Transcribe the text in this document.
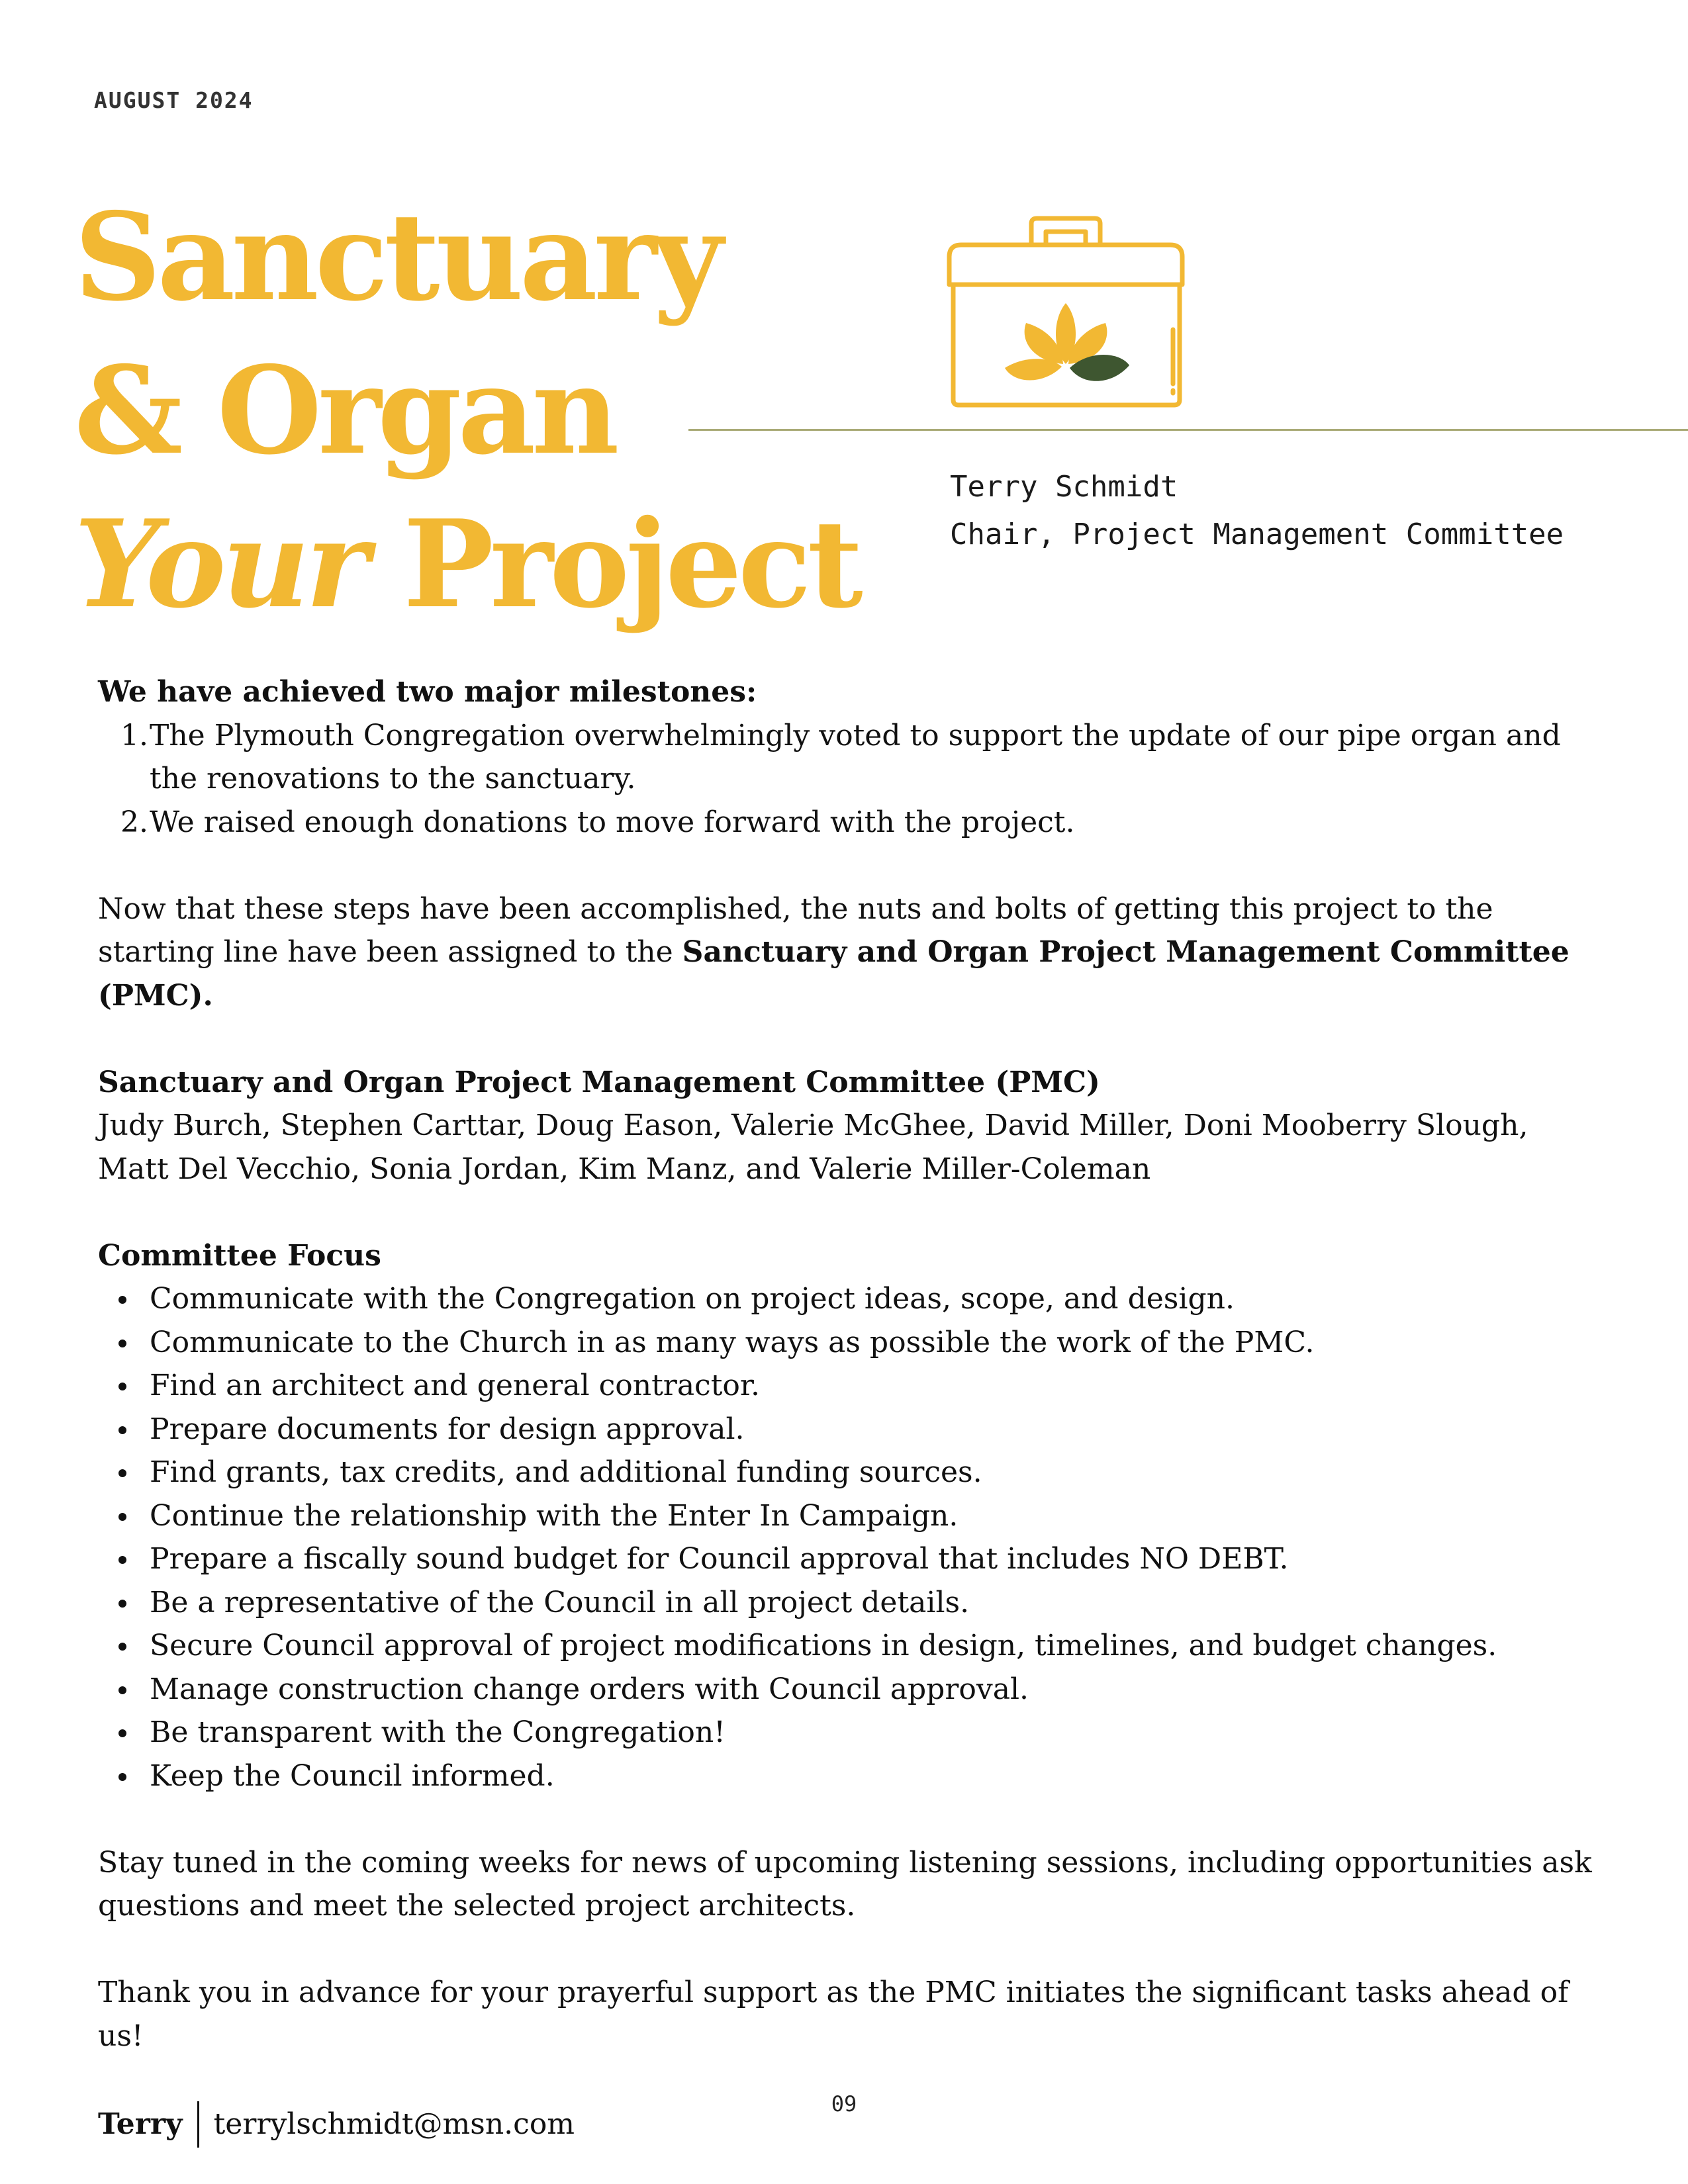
AUGUST 2024
Sanctuary
& Organ
Your Project
Terry Schmidt
Chair, Project Management Committee

We have achieved two major milestones:

1. The Plymouth Congregation overwhelmingly voted to support the update of our pipe organ and the renovations to the sanctuary.
2. We raised enough donations to move forward with the project.

Now that these steps have been accomplished, the nuts and bolts of getting this project to the starting line have been assigned to the Sanctuary and Organ Project Management Committee (PMC).

Sanctuary and Organ Project Management Committee (PMC)

Judy Burch, Stephen Carttar, Doug Eason, Valerie McGhee, David Miller, Doni Mooberry Slough, Matt Del Vecchio, Sonia Jordan, Kim Manz, and Valerie Miller-Coleman

Committee Focus

Communicate with the Congregation on project ideas, scope, and design.
Communicate to the Church in as many ways as possible the work of the PMC.
Find an architect and general contractor.
Prepare documents for design approval.
Find grants, tax credits, and additional funding sources.
Continue the relationship with the Enter In Campaign.
Prepare a fiscally sound budget for Council approval that includes NO DEBT.
Be a representative of the Council in all project details.
Secure Council approval of project modifications in design, timelines, and budget changes.
Manage construction change orders with Council approval.
Be transparent with the Congregation!
Keep the Council informed.

Stay tuned in the coming weeks for news of upcoming listening sessions, including opportunities ask questions and meet the selected project architects.

Thank you in advance for your prayerful support as the PMC initiates the significant tasks ahead of us!

Terry terrylschmidt@msn.com
09
